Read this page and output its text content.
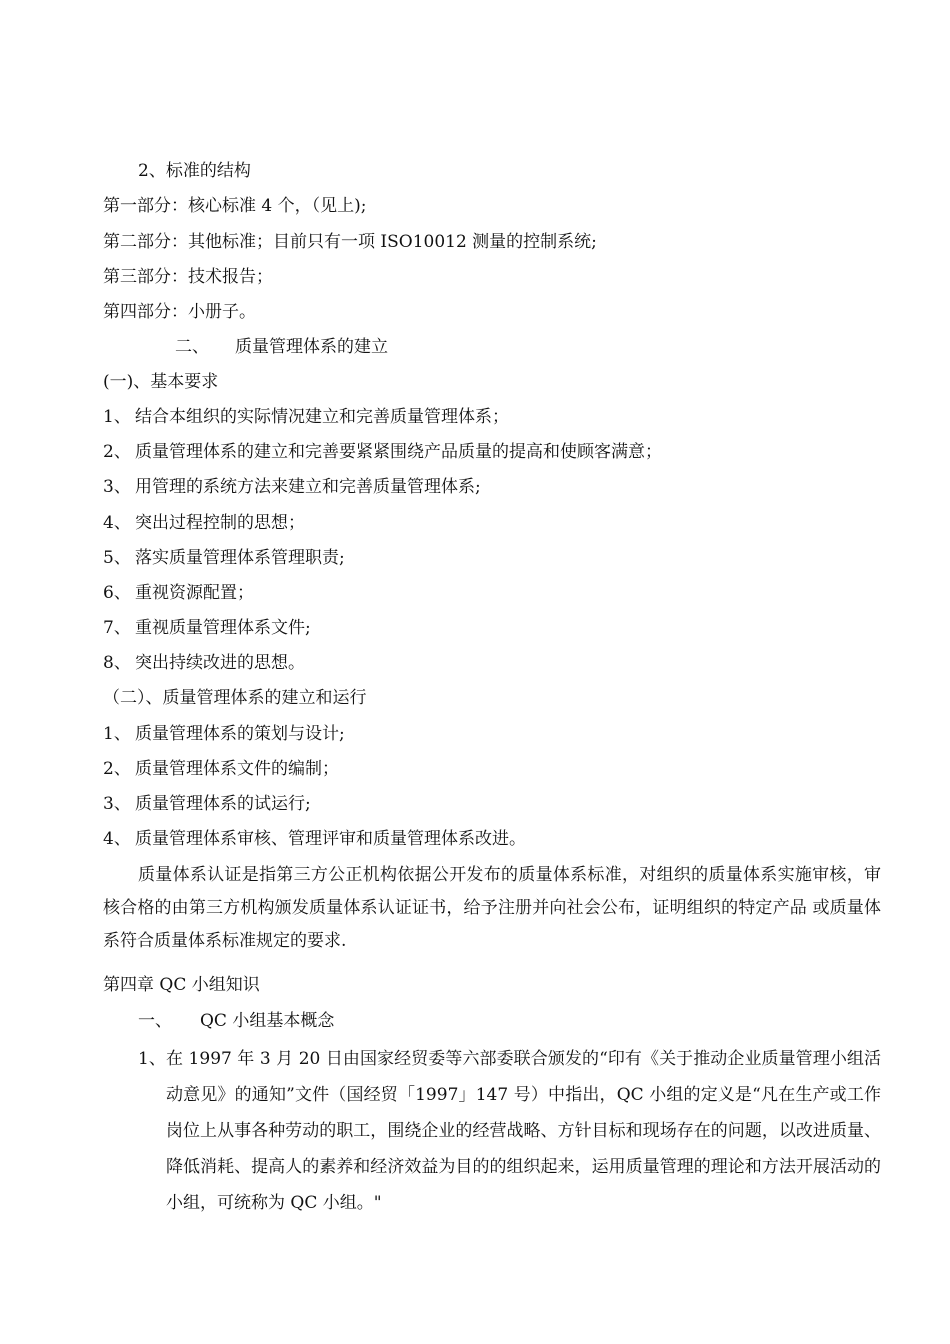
2、标准的结构
第一部分：核心标准 4 个，（见上);
第二部分：其他标准；目前只有一项 ISO10012 测量的控制系统;
第三部分：技术报告；
第四部分：小册子。
二、 质量管理体系的建立
(一)、基本要求
1、 结合本组织的实际情况建立和完善质量管理体系；
2、 质量管理体系的建立和完善要紧紧围绕产品质量的提高和使顾客满意；
3、 用管理的系统方法来建立和完善质量管理体系;
4、 突出过程控制的思想；
5、 落实质量管理体系管理职责;
6、 重视资源配置；
7、 重视质量管理体系文件;
8、 突出持续改进的思想。
（二）、质量管理体系的建立和运行
1、 质量管理体系的策划与设计;
2、 质量管理体系文件的编制；
3、 质量管理体系的试运行;
4、 质量管理体系审核、管理评审和质量管理体系改进。

质量体系认证是指第三方公正机构依据公开发布的质量体系标准，对组织的质量体系实施审核，审核合格的由第三方机构颁发质量体系认证证书，给予注册并向社会公布，证明组织的特定产品 或质量体系符合质量体系标准规定的要求.

第四章 QC 小组知识
一、 QC 小组基本概念
1、 在 1997 年 3 月 20 日由国家经贸委等六部委联合颁发的“印有《关于推动企业质量管理小组活动意见》的通知”文件（国经贸「1997」147 号）中指出，QC 小组的定义是“凡在生产或工作岗位上从事各种劳动的职工，围绕企业的经营战略、方针目标和现场存在的问题，以改进质量、降低消耗、提高人的素养和经济效益为目的的组织起来，运用质量管理的理论和方法开展活动的小组，可统称为 QC 小组。"
